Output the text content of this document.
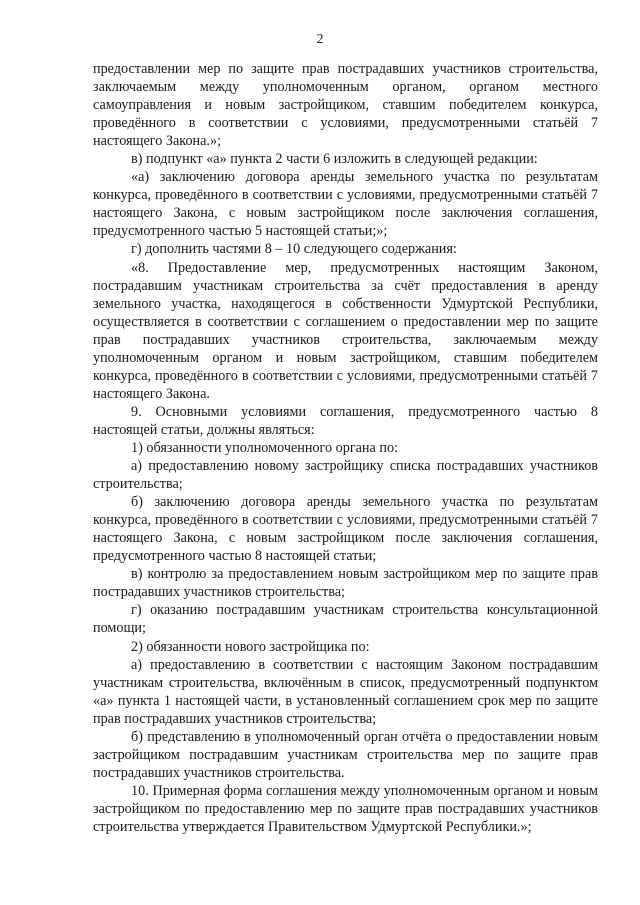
2

предоставлении мер по защите прав пострадавших участников строительства, заключаемым между уполномоченным органом, органом местного самоуправления и новым застройщиком, ставшим победителем конкурса, проведённого в соответствии с условиями, предусмотренными статьёй 7 настоящего Закона.»;

в) подпункт «а» пункта 2 части 6 изложить в следующей редакции:

«а) заключению договора аренды земельного участка по результатам конкурса, проведённого в соответствии с условиями, предусмотренными статьёй 7 настоящего Закона, с новым застройщиком после заключения соглашения, предусмотренного частью 5 настоящей статьи;»;

г) дополнить частями 8 – 10 следующего содержания:

«8. Предоставление мер, предусмотренных настоящим Законом, пострадавшим участникам строительства за счёт предоставления в аренду земельного участка, находящегося в собственности Удмуртской Республики, осуществляется в соответствии с соглашением о предоставлении мер по защите прав пострадавших участников строительства, заключаемым между уполномоченным органом и новым застройщиком, ставшим победителем конкурса, проведённого в соответствии с условиями, предусмотренными статьёй 7 настоящего Закона.

9. Основными условиями соглашения, предусмотренного частью 8 настоящей статьи, должны являться:

1) обязанности уполномоченного органа по:

а) предоставлению новому застройщику списка пострадавших участников строительства;

б) заключению договора аренды земельного участка по результатам конкурса, проведённого в соответствии с условиями, предусмотренными статьёй 7 настоящего Закона, с новым застройщиком после заключения соглашения, предусмотренного частью 8 настоящей статьи;

в) контролю за предоставлением новым застройщиком мер по защите прав пострадавших участников строительства;

г) оказанию пострадавшим участникам строительства консультационной помощи;

2) обязанности нового застройщика по:

а) предоставлению в соответствии с настоящим Законом пострадавшим участникам строительства, включённым в список, предусмотренный подпунктом «а» пункта 1 настоящей части, в установленный соглашением срок мер по защите прав пострадавших участников строительства;

б) представлению в уполномоченный орган отчёта о предоставлении новым застройщиком пострадавшим участникам строительства мер по защите прав пострадавших участников строительства.

10. Примерная форма соглашения между уполномоченным органом и новым застройщиком по предоставлению мер по защите прав пострадавших участников строительства утверждается Правительством Удмуртской Республики.»;
